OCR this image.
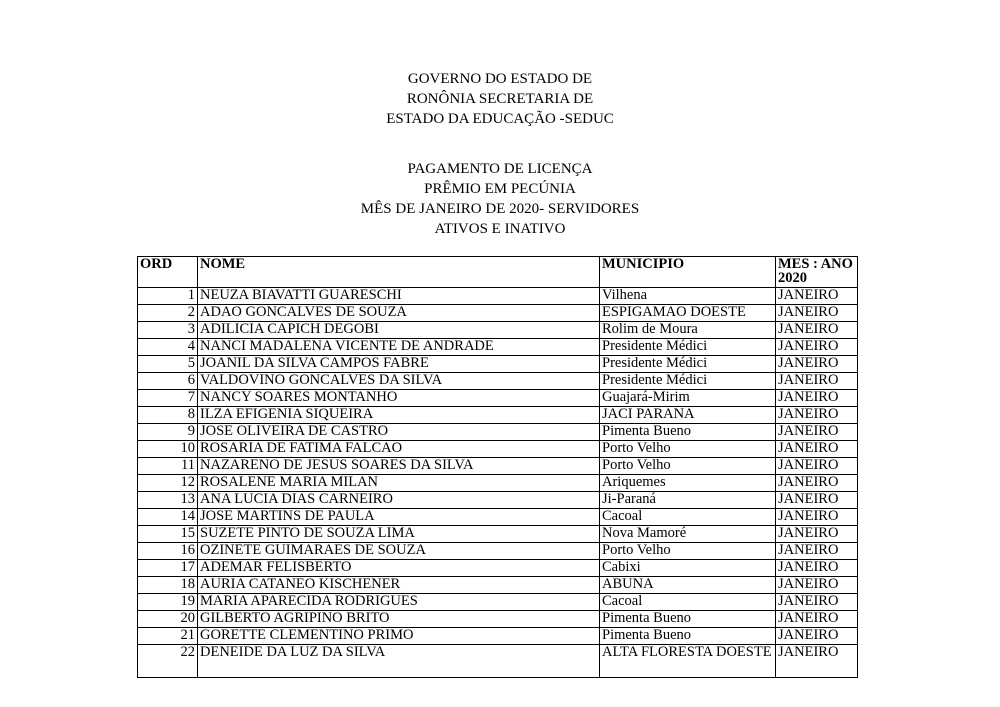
GOVERNO DO ESTADO DE
RONÔNIA SECRETARIA DE
ESTADO DA EDUCAÇÃO -SEDUC
PAGAMENTO DE LICENÇA
PRÊMIO EM PECÚNIA
MÊS DE JANEIRO DE 2020- SERVIDORES
ATIVOS E INATIVO
ORD	NOME	MUNICIPIO	MES : ANO 2020
1	NEUZA BIAVATTI GUARESCHI	Vilhena	JANEIRO
2	ADAO GONCALVES DE SOUZA	ESPIGAMAO DOESTE	JANEIRO
3	ADILICIA CAPICH DEGOBI	Rolim de Moura	JANEIRO
4	NANCI MADALENA VICENTE DE ANDRADE	Presidente Médici	JANEIRO
5	JOANIL DA SILVA CAMPOS FABRE	Presidente Médici	JANEIRO
6	VALDOVINO GONCALVES DA SILVA	Presidente Médici	JANEIRO
7	NANCY SOARES MONTANHO	Guajará-Mirim	JANEIRO
8	ILZA EFIGENIA SIQUEIRA	JACI PARANA	JANEIRO
9	JOSE OLIVEIRA DE CASTRO	Pimenta Bueno	JANEIRO
10	ROSARIA DE FATIMA FALCAO	Porto Velho	JANEIRO
11	NAZARENO DE JESUS SOARES DA SILVA	Porto Velho	JANEIRO
12	ROSALENE MARIA MILAN	Ariquemes	JANEIRO
13	ANA LUCIA DIAS CARNEIRO	Ji-Paraná	JANEIRO
14	JOSE MARTINS DE PAULA	Cacoal	JANEIRO
15	SUZETE PINTO DE SOUZA LIMA	Nova Mamoré	JANEIRO
16	OZINETE GUIMARAES DE SOUZA	Porto Velho	JANEIRO
17	ADEMAR FELISBERTO	Cabixi	JANEIRO
18	AURIA CATANEO KISCHENER	ABUNA	JANEIRO
19	MARIA APARECIDA RODRIGUES	Cacoal	JANEIRO
20	GILBERTO AGRIPINO BRITO	Pimenta Bueno	JANEIRO
21	GORETTE CLEMENTINO PRIMO	Pimenta Bueno	JANEIRO
22	DENEIDE DA LUZ DA SILVA	ALTA FLORESTA DOESTE	JANEIRO
